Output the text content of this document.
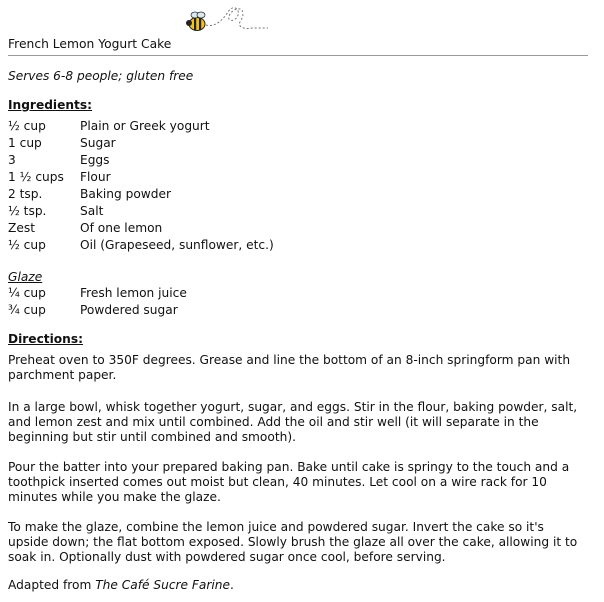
French Lemon Yogurt Cake
Serves 6-8 people; gluten free
Ingredients:
½ cup	Plain or Greek yogurt
1 cup	Sugar
3	Eggs
1 ½ cups Flour
2 tsp.	Baking powder
½ tsp.	Salt
Zest	Of one lemon
½ cup	Oil (Grapeseed, sunflower, etc.)
Glaze
¼ cup	Fresh lemon juice
¾ cup	Powdered sugar
Directions:

Preheat oven to 350F degrees. Grease and line the bottom of an 8-inch springform pan with parchment paper.

In a large bowl, whisk together yogurt, sugar, and eggs. Stir in the flour, baking powder, salt, and lemon zest and mix until combined. Add the oil and stir well (it will separate in the beginning but stir until combined and smooth).

Pour the batter into your prepared baking pan. Bake until cake is springy to the touch and a toothpick inserted comes out moist but clean, 40 minutes. Let cool on a wire rack for 10 minutes while you make the glaze.

To make the glaze, combine the lemon juice and powdered sugar. Invert the cake so it's upside down; the flat bottom exposed. Slowly brush the glaze all over the cake, allowing it to soak in. Optionally dust with powdered sugar once cool, before serving.

Adapted from The Café Sucre Farine.
